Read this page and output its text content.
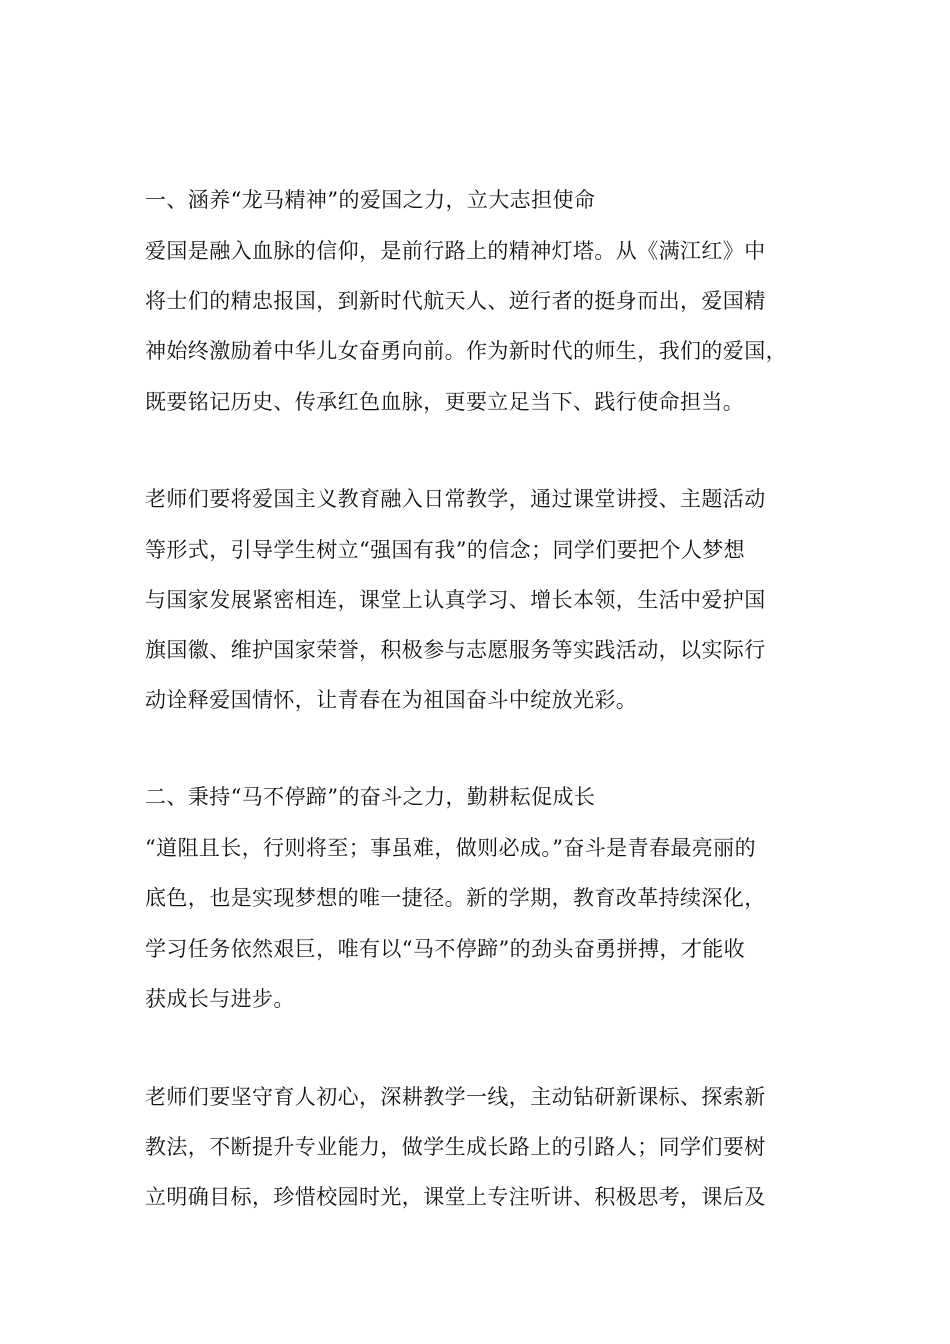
一、涵养“龙马精神”的爱国之力，立大志担使命
爱国是融入血脉的信仰，是前行路上的精神灯塔。从《满江红》中
将士们的精忠报国，到新时代航天人、逆行者的挺身而出，爱国精
神始终激励着中华儿女奋勇向前。作为新时代的师生，我们的爱国，
既要铭记历史、传承红色血脉，更要立足当下、践行使命担当。
老师们要将爱国主义教育融入日常教学，通过课堂讲授、主题活动
等形式，引导学生树立“强国有我”的信念；同学们要把个人梦想
与国家发展紧密相连，课堂上认真学习、增长本领，生活中爱护国
旗国徽、维护国家荣誉，积极参与志愿服务等实践活动，以实际行
动诠释爱国情怀，让青春在为祖国奋斗中绽放光彩。
二、秉持“马不停蹄”的奋斗之力，勤耕耘促成长
“道阻且长，行则将至；事虽难，做则必成。”奋斗是青春最亮丽的
底色，也是实现梦想的唯一捷径。新的学期，教育改革持续深化，
学习任务依然艰巨，唯有以“马不停蹄”的劲头奋勇拼搏，才能收
获成长与进步。
老师们要坚守育人初心，深耕教学一线，主动钻研新课标、探索新
教法，不断提升专业能力，做学生成长路上的引路人；同学们要树
立明确目标，珍惜校园时光，课堂上专注听讲、积极思考，课后及
